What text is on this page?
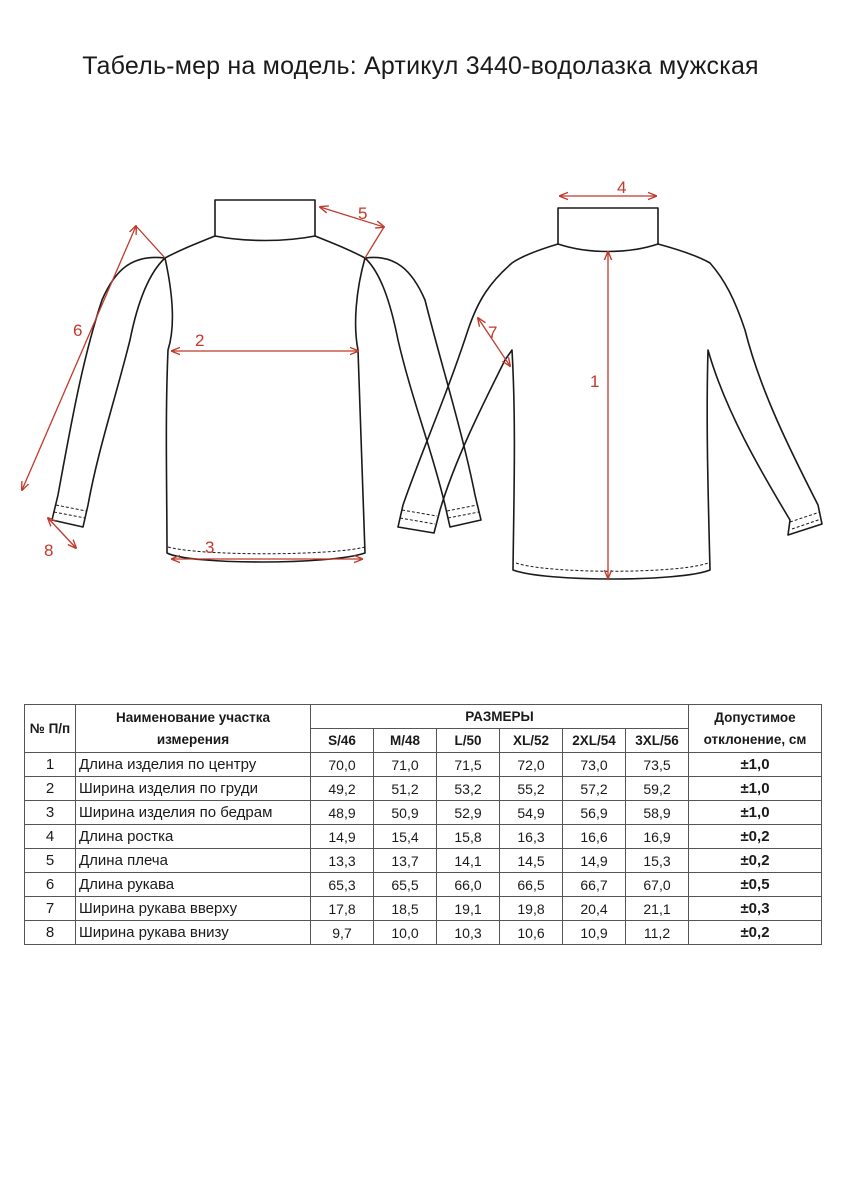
Табель-мер на модель: Артикул 3440-водолазка мужская
1
2
3
4
5
6	7
8
№ П/п	Наименование участка измерения	РАЗМЕРЫ						Допустимое отклонение, см
		S/46	M/48	L/50	XL/52	2XL/54	3XL/56	
1	Длина изделия по центру	70,0	71,0	71,5	72,0	73,0	73,5	±1,0
2	Ширина изделия по груди	49,2	51,2	53,2	55,2	57,2	59,2	±1,0
3	Ширина изделия по бедрам	48,9	50,9	52,9	54,9	56,9	58,9	±1,0
4	Длина ростка	14,9	15,4	15,8	16,3	16,6	16,9	±0,2
5	Длина плеча	13,3	13,7	14,1	14,5	14,9	15,3	±0,2
6	Длина рукава	65,3	65,5	66,0	66,5	66,7	67,0	±0,5
7	Ширина рукава вверху	17,8	18,5	19,1	19,8	20,4	21,1	±0,3
8	Ширина рукава внизу	9,7	10,0	10,3	10,6	10,9	11,2	±0,2
